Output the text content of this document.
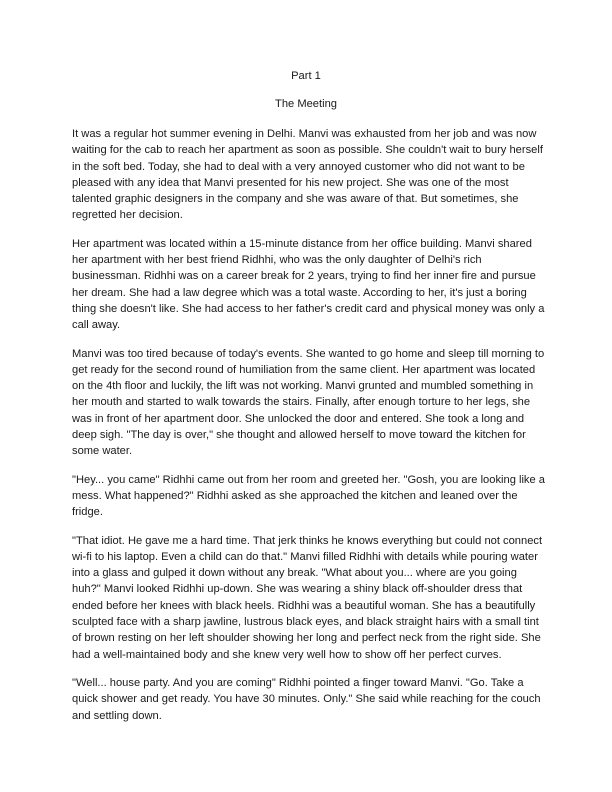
Part 1
The Meeting

It was a regular hot summer evening in Delhi. Manvi was exhausted from her job and was now waiting for the cab to reach her apartment as soon as possible. She couldn't wait to bury herself in the soft bed. Today, she had to deal with a very annoyed customer who did not want to be pleased with any idea that Manvi presented for his new project. She was one of the most talented graphic designers in the company and she was aware of that. But sometimes, she regretted her decision.

Her apartment was located within a 15-minute distance from her office building. Manvi shared her apartment with her best friend Ridhhi, who was the only daughter of Delhi's rich businessman. Ridhhi was on a career break for 2 years, trying to find her inner fire and pursue her dream. She had a law degree which was a total waste. According to her, it's just a boring thing she doesn't like. She had access to her father's credit card and physical money was only a call away.

Manvi was too tired because of today's events. She wanted to go home and sleep till morning to get ready for the second round of humiliation from the same client. Her apartment was located on the 4th floor and luckily, the lift was not working. Manvi grunted and mumbled something in her mouth and started to walk towards the stairs. Finally, after enough torture to her legs, she was in front of her apartment door. She unlocked the door and entered. She took a long and deep sigh. "The day is over," she thought and allowed herself to move toward the kitchen for some water.

"Hey... you came" Ridhhi came out from her room and greeted her. "Gosh, you are looking like a mess. What happened?" Ridhhi asked as she approached the kitchen and leaned over the fridge.

"That idiot. He gave me a hard time. That jerk thinks he knows everything but could not connect wi-fi to his laptop. Even a child can do that." Manvi filled Ridhhi with details while pouring water into a glass and gulped it down without any break. "What about you... where are you going huh?" Manvi looked Ridhhi up-down. She was wearing a shiny black off-shoulder dress that ended before her knees with black heels. Ridhhi was a beautiful woman. She has a beautifully sculpted face with a sharp jawline, lustrous black eyes, and black straight hairs with a small tint of brown resting on her left shoulder showing her long and perfect neck from the right side. She had a well-maintained body and she knew very well how to show off her perfect curves.

"Well... house party. And you are coming" Ridhhi pointed a finger toward Manvi. "Go. Take a quick shower and get ready. You have 30 minutes. Only." She said while reaching for the couch and settling down.
